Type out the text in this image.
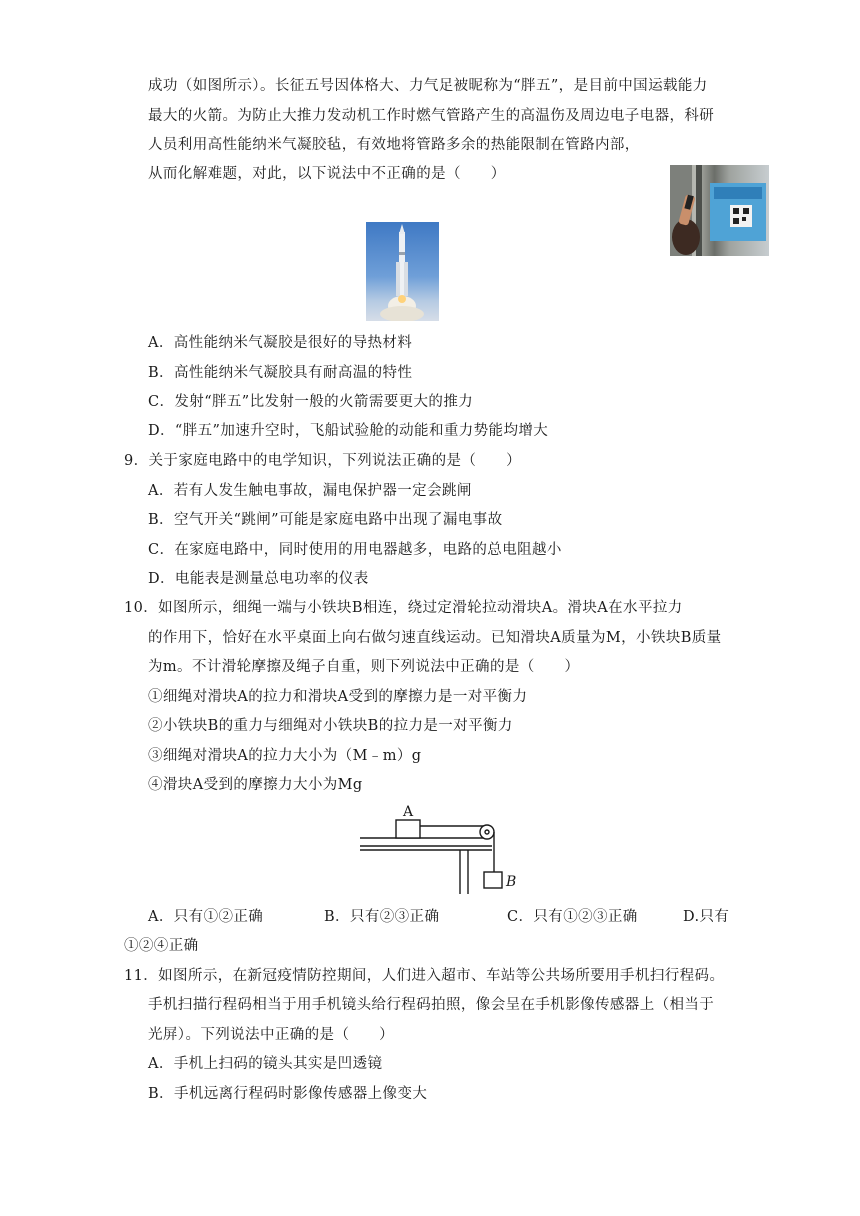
成功（如图所示）。长征五号因体格大、力气足被昵称为“胖五”，是目前中国运载能力
最大的火箭。为防止大推力发动机工作时燃气管路产生的高温伤及周边电子电器，科研
人员利用高性能纳米气凝胶毡，有效地将管路多余的热能限制在管路内部，
从而化解难题，对此，以下说法中不正确的是（　　）
A．高性能纳米气凝胶是很好的导热材料
B．高性能纳米气凝胶具有耐高温的特性
C．发射“胖五”比发射一般的火箭需要更大的推力
D．“胖五”加速升空时，飞船试验舱的动能和重力势能均增大
9．关于家庭电路中的电学知识，下列说法正确的是（　　）
A．若有人发生触电事故，漏电保护器一定会跳闸
B．空气开关“跳闸”可能是家庭电路中出现了漏电事故
C．在家庭电路中，同时使用的用电器越多，电路的总电阻越小
D．电能表是测量总电功率的仪表
10．如图所示，细绳一端与小铁块B相连，绕过定滑轮拉动滑块A。滑块A在水平拉力
的作用下，恰好在水平桌面上向右做匀速直线运动。已知滑块A质量为M，小铁块B质量
为m。不计滑轮摩擦及绳子自重，则下列说法中正确的是（　　）
①细绳对滑块A的拉力和滑块A受到的摩擦力是一对平衡力
②小铁块B的重力与细绳对小铁块B的拉力是一对平衡力
③细绳对滑块A的拉力大小为（M﹣m）g
④滑块A受到的摩擦力大小为Mg
A
B
A．只有①②正确	B．只有②③正确	C．只有①②③正确	D.只有
①②④正确
11．如图所示，在新冠疫情防控期间，人们进入超市、车站等公共场所要用手机扫行程码。
手机扫描行程码相当于用手机镜头给行程码拍照，像会呈在手机影像传感器上（相当于
光屏）。下列说法中正确的是（　　）
A．手机上扫码的镜头其实是凹透镜
B．手机远离行程码时影像传感器上像变大
